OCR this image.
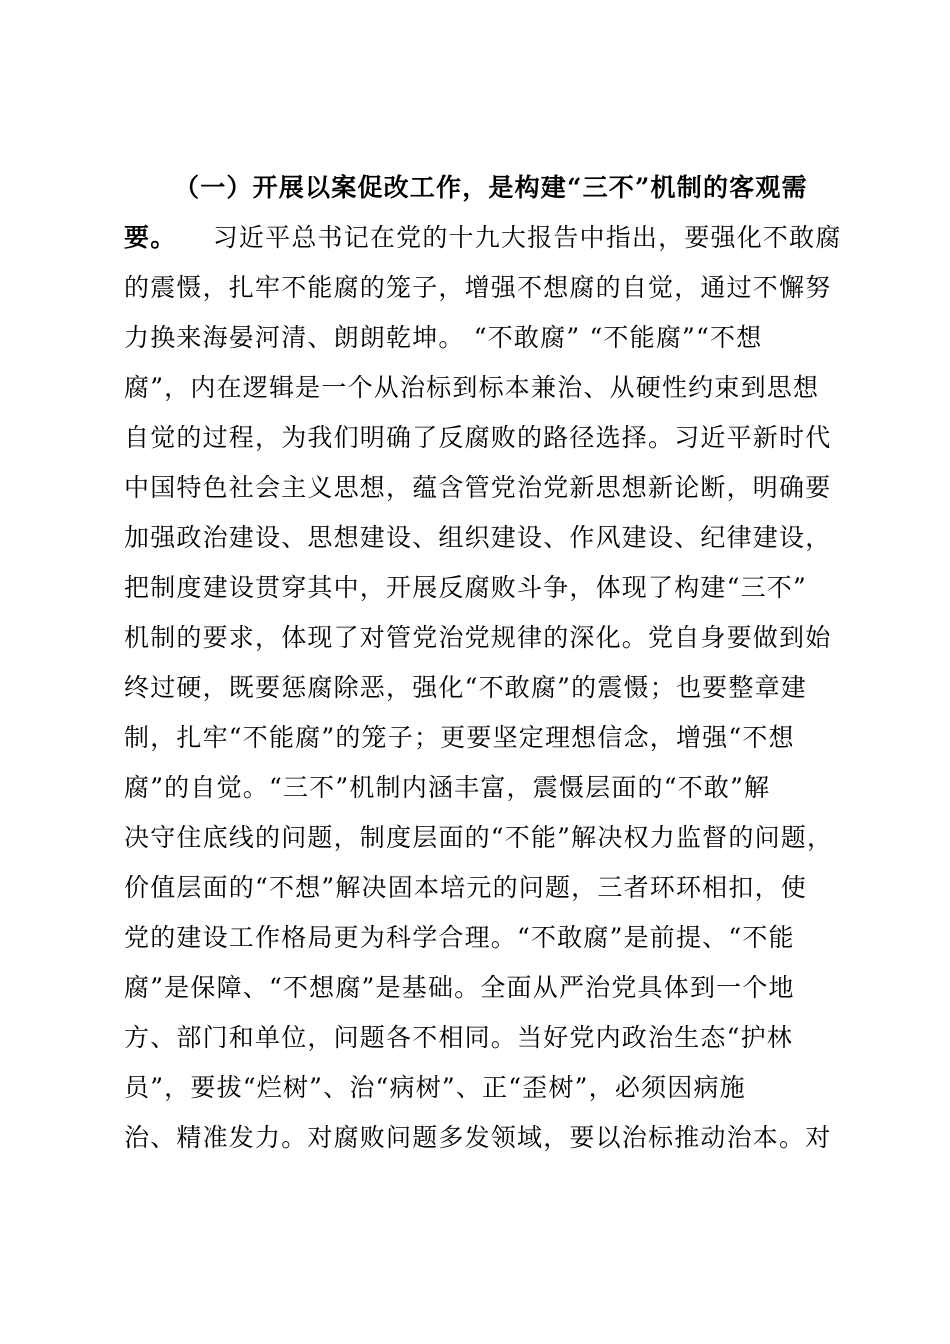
（一）开展以案促改工作，是构建“三不”机制的客观需
要。 习近平总书记在党的十九大报告中指出，要强化不敢腐
的震慑，扎牢不能腐的笼子，增强不想腐的自觉，通过不懈努
力换来海晏河清、朗朗乾坤。 “不敢腐” “不能腐”“不想
腐”，内在逻辑是一个从治标到标本兼治、从硬性约束到思想
自觉的过程，为我们明确了反腐败的路径选择。习近平新时代
中国特色社会主义思想，蕴含管党治党新思想新论断，明确要
加强政治建设、思想建设、组织建设、作风建设、纪律建设，
把制度建设贯穿其中，开展反腐败斗争，体现了构建“三不”
机制的要求，体现了对管党治党规律的深化。党自身要做到始
终过硬，既要惩腐除恶，强化“不敢腐”的震慑；也要整章建
制，扎牢“不能腐”的笼子；更要坚定理想信念，增强“不想
腐”的自觉。“三不”机制内涵丰富，震慑层面的“不敢”解
决守住底线的问题，制度层面的“不能”解决权力监督的问题，
价值层面的“不想”解决固本培元的问题，三者环环相扣，使
党的建设工作格局更为科学合理。“不敢腐”是前提、“不能
腐”是保障、“不想腐”是基础。全面从严治党具体到一个地
方、部门和单位，问题各不相同。当好党内政治生态“护林
员”，要拔“烂树”、治“病树”、正“歪树”，必须因病施
治、精准发力。对腐败问题多发领域，要以治标推动治本。对
